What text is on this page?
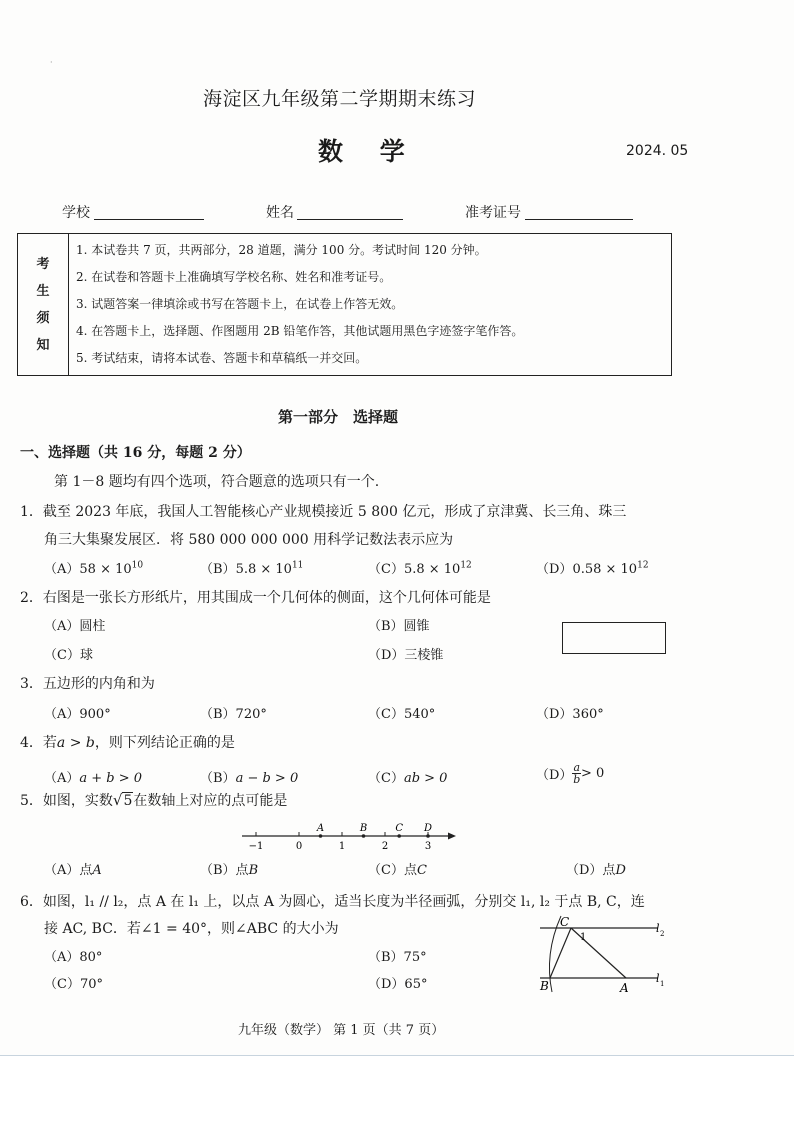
·
海淀区九年级第二学期期末练习
数 学	2024. 05
学校	姓名	准考证号
考
生
须
知

1. 本试卷共 7 页，共两部分，28 道题，满分 100 分。考试时间 120 分钟。
2. 在试卷和答题卡上准确填写学校名称、姓名和准考证号。
3. 试题答案一律填涂或书写在答题卡上，在试卷上作答无效。
4. 在答题卡上，选择题、作图题用 2B 铅笔作答，其他试题用黑色字迹签字笔作答。
5. 考试结束，请将本试卷、答题卡和草稿纸一并交回。
第一部分　选择题
一、选择题（共 16 分，每题 2 分）
第 1－8 题均有四个选项，符合题意的选项只有一个.
1．截至 2023 年底，我国人工智能核心产业规模接近 5 800 亿元，形成了京津冀、长三角、珠三
角三大集聚发展区．将 580 000 000 000 用科学记数法表示应为
$(A)58 \times 10^{10}$	$(B)5.8 \times 10^{11}$	$(C)5.8 \times 10^{12}$	$(D)0.58 \times 10^{12}$
2．右图是一张长方形纸片，用其围成一个几何体的侧面，这个几何体可能是
（A）圆柱	（B）圆锥
（C）球	（D）三棱锥
3．五边形的内角和为
（A）900°	（B）720°	（C）540°	（D）360°
4．若a > b，则下列结论正确的是
（A）a + b > 0	（B）a − b > 0	（C）ab > 0	$(D) \frac{a}{b} > 0$
5．如图，实数√5在数轴上对应的点可能是
−1	0	1	2	3
A	B	C D
（A）点A	（B）点B	（C）点C	（D）点D
6．如图，l₁ // l₂，点 A 在 l₁ 上，以点 A 为圆心，适当长度为半径画弧，分别交 l₁, l₂ 于点 B, C，连
接 AC, BC．若∠1 = 40°，则∠ABC 的大小为
（A）80°	（B）75°
（C）70°	（D）65°
C
1
l 2
B	A
l 1
九年级（数学） 第 1 页（共 7 页）
